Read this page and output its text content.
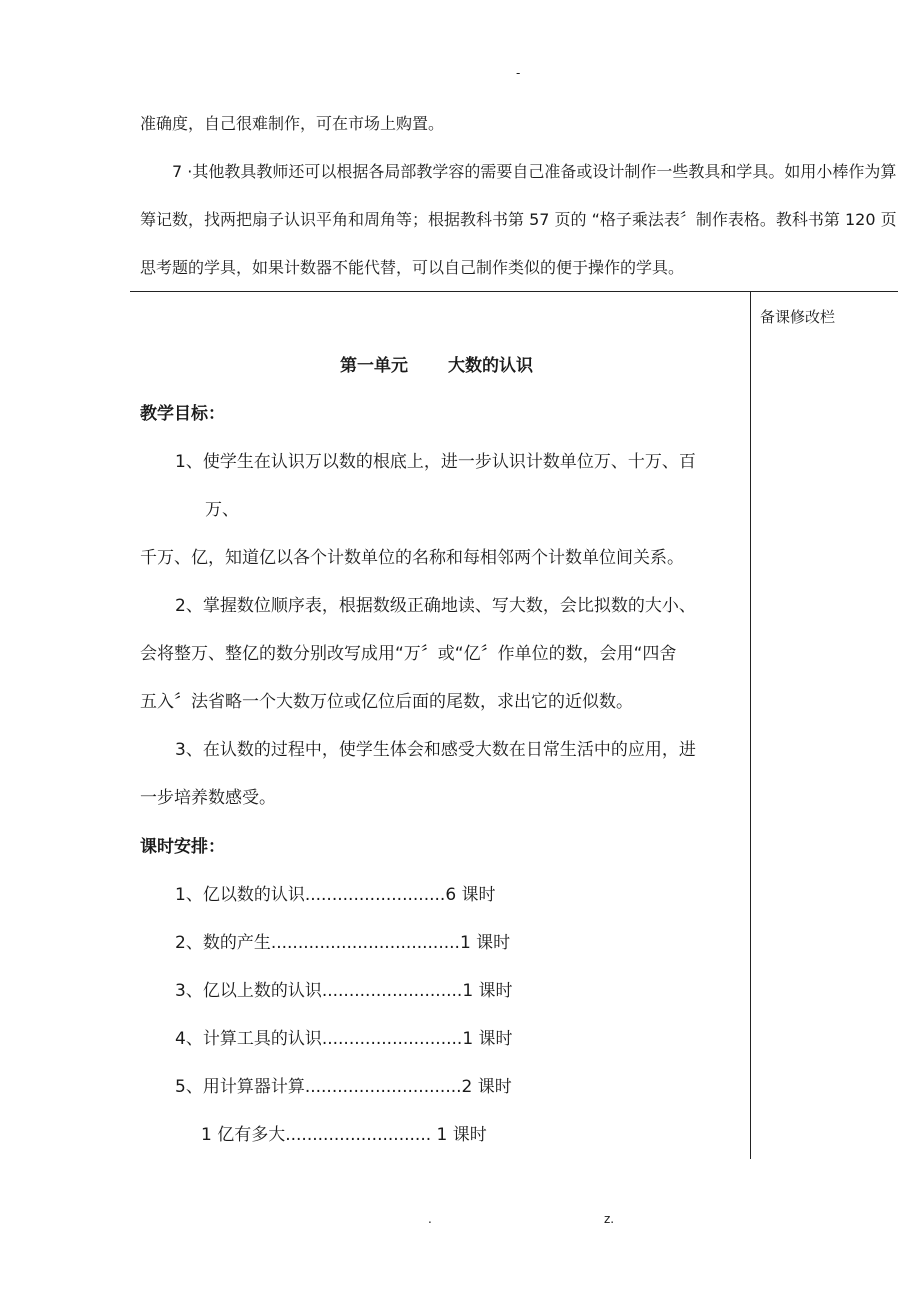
-
准确度，自己很难制作，可在市场上购置。
7 ·其他教具教师还可以根据各局部教学容的需要自己准备或设计制作一些教具和学具。如用小棒作为算
筹记数，找两把扇子认识平角和周角等；根据教科书第 57 页的 “格子乘法表〞制作表格。教科书第 120 页
思考题的学具，如果计数器不能代替，可以自己制作类似的便于操作的学具。
备课修改栏
第一单元 大数的认识
教学目标：
1、使学生在认识万以数的根底上，进一步认识计数单位万、十万、百
万、
千万、亿，知道亿以各个计数单位的名称和每相邻两个计数单位间关系。
2、掌握数位顺序表，根据数级正确地读、写大数，会比拟数的大小、
会将整万、整亿的数分别改写成用“万〞或“亿〞作单位的数，会用“四舍
五入〞法省略一个大数万位或亿位后面的尾数，求出它的近似数。
3、在认数的过程中，使学生体会和感受大数在日常生活中的应用，进
一步培养数感受。
课时安排：
1、亿以数的认识..........................6 课时
2、数的产生...................................1 课时
3、亿以上数的认识..........................1 课时
4、计算工具的认识..........................1 课时
5、用计算器计算.............................2 课时
1 亿有多大........................... 1 课时
.	z.
